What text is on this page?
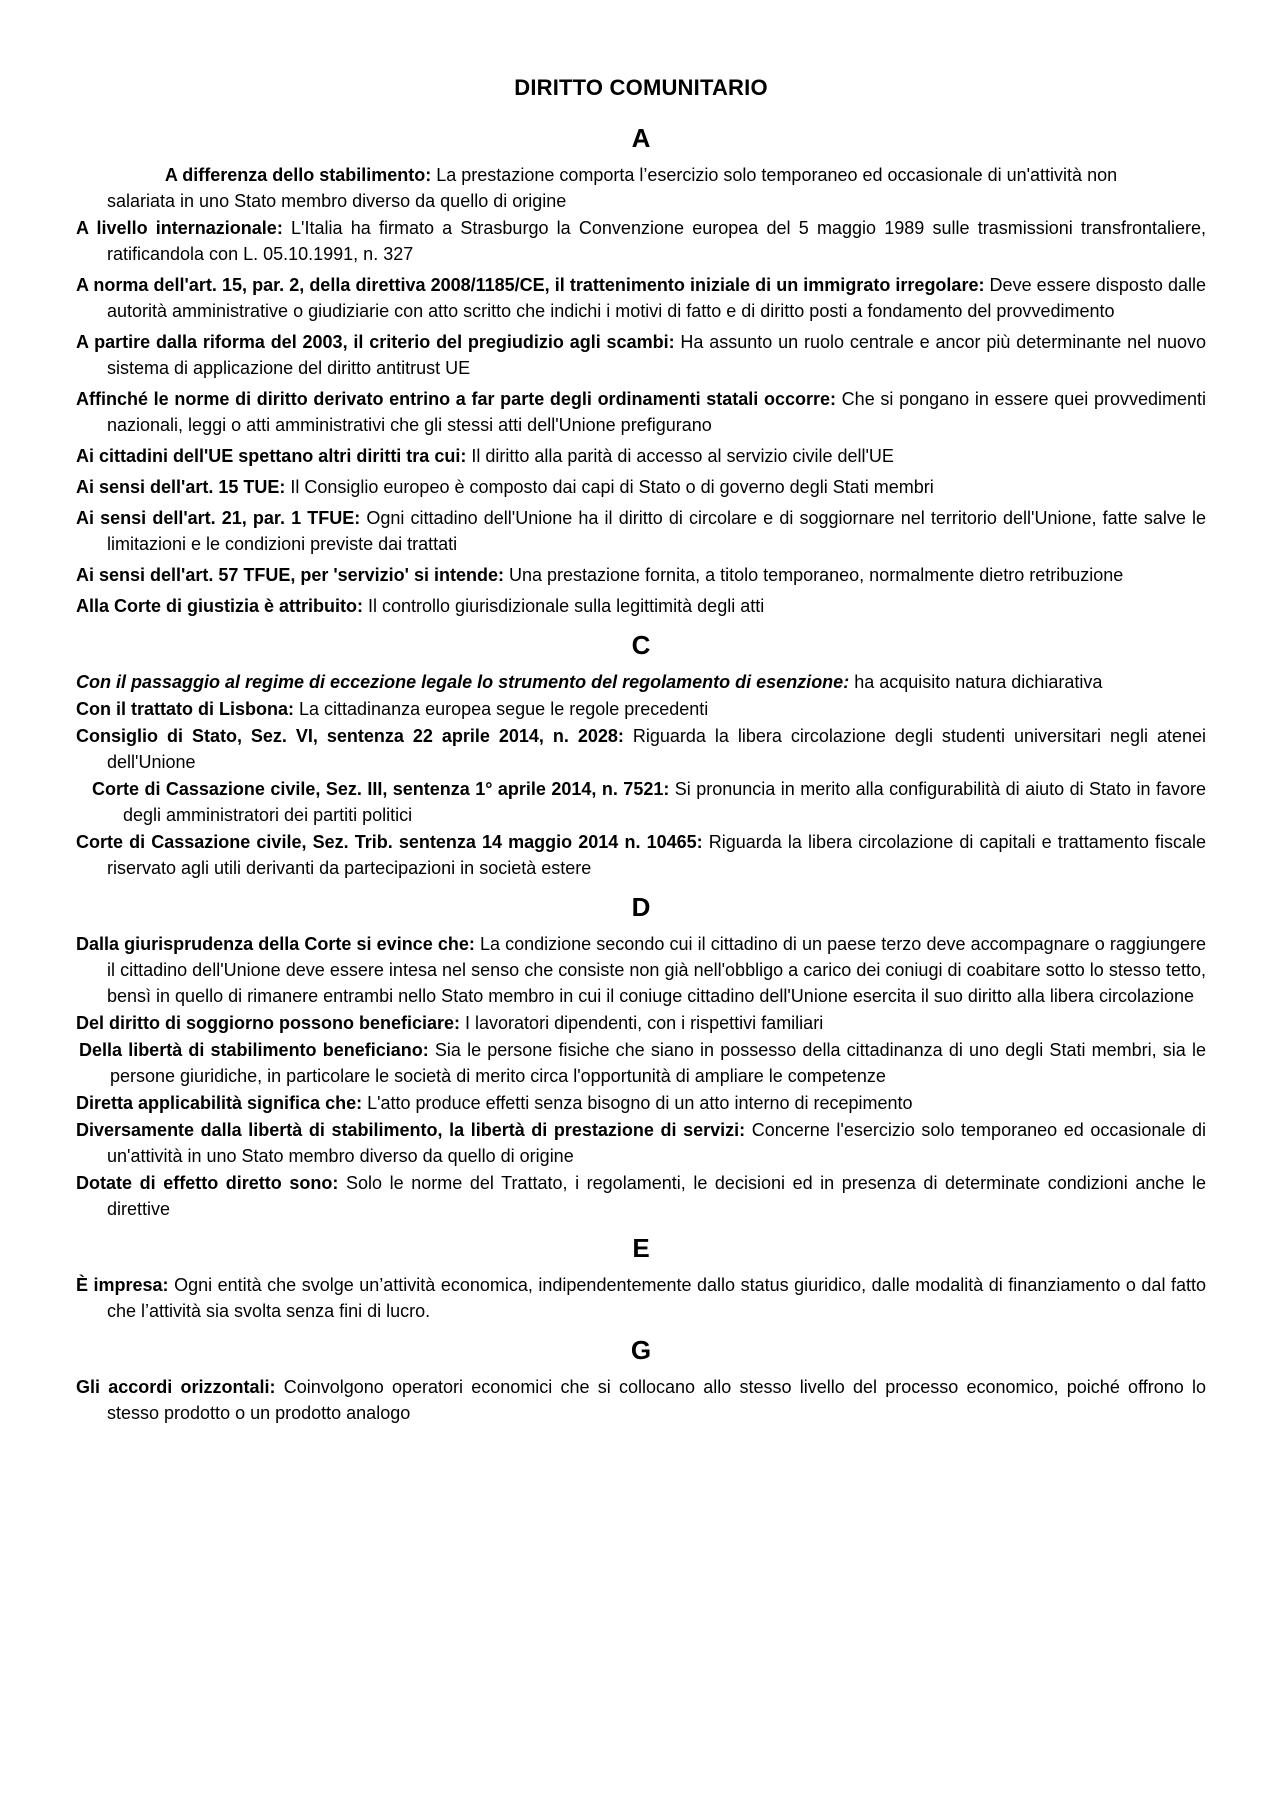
DIRITTO COMUNITARIO
A

A differenza dello stabilimento: La prestazione comporta l’esercizio solo temporaneo ed occasionale di un'attività non

salariata in uno Stato membro diverso da quello di origine

A livello internazionale: L'Italia ha firmato a Strasburgo la Convenzione europea del 5 maggio 1989 sulle trasmissioni transfrontaliere, ratificandola con L. 05.10.1991, n. 327

A norma dell'art. 15, par. 2, della direttiva 2008/1185/CE, il trattenimento iniziale di un immigrato irregolare: Deve essere disposto dalle autorità amministrative o giudiziarie con atto scritto che indichi i motivi di fatto e di diritto posti a fondamento del provvedimento

A partire dalla riforma del 2003, il criterio del pregiudizio agli scambi: Ha assunto un ruolo centrale e ancor più determinante nel nuovo sistema di applicazione del diritto antitrust UE

Affinché le norme di diritto derivato entrino a far parte degli ordinamenti statali occorre: Che si pongano in essere quei provvedimenti nazionali, leggi o atti amministrativi che gli stessi atti dell'Unione prefigurano

Ai cittadini dell'UE spettano altri diritti tra cui: Il diritto alla parità di accesso al servizio civile dell'UE

Ai sensi dell'art. 15 TUE: Il Consiglio europeo è composto dai capi di Stato o di governo degli Stati membri

Ai sensi dell'art. 21, par. 1 TFUE: Ogni cittadino dell'Unione ha il diritto di circolare e di soggiornare nel territorio dell'Unione, fatte salve le limitazioni e le condizioni previste dai trattati

Ai sensi dell'art. 57 TFUE, per 'servizio' si intende: Una prestazione fornita, a titolo temporaneo, normalmente dietro retribuzione

Alla Corte di giustizia è attribuito: Il controllo giurisdizionale sulla legittimità degli atti

C

Con il passaggio al regime di eccezione legale lo strumento del regolamento di esenzione: ha acquisito natura dichiarativa

Con il trattato di Lisbona: La cittadinanza europea segue le regole precedenti

Consiglio di Stato, Sez. VI, sentenza 22 aprile 2014, n. 2028: Riguarda la libera circolazione degli studenti universitari negli atenei dell'Unione

Corte di Cassazione civile, Sez. III, sentenza 1° aprile 2014, n. 7521: Si pronuncia in merito alla configurabilità di aiuto di Stato in favore degli amministratori dei partiti politici

Corte di Cassazione civile, Sez. Trib. sentenza 14 maggio 2014 n. 10465: Riguarda la libera circolazione di capitali e trattamento fiscale riservato agli utili derivanti da partecipazioni in società estere

D

Dalla giurisprudenza della Corte si evince che: La condizione secondo cui il cittadino di un paese terzo deve accompagnare o raggiungere il cittadino dell'Unione deve essere intesa nel senso che consiste non già nell'obbligo a carico dei coniugi di coabitare sotto lo stesso tetto, bensì in quello di rimanere entrambi nello Stato membro in cui il coniuge cittadino dell'Unione esercita il suo diritto alla libera circolazione

Del diritto di soggiorno possono beneficiare: I lavoratori dipendenti, con i rispettivi familiari

Della libertà di stabilimento beneficiano: Sia le persone fisiche che siano in possesso della cittadinanza di uno degli Stati membri, sia le persone giuridiche, in particolare le società di merito circa l'opportunità di ampliare le competenze

Diretta applicabilità significa che: L'atto produce effetti senza bisogno di un atto interno di recepimento

Diversamente dalla libertà di stabilimento, la libertà di prestazione di servizi: Concerne l'esercizio solo temporaneo ed occasionale di un'attività in uno Stato membro diverso da quello di origine

Dotate di effetto diretto sono: Solo le norme del Trattato, i regolamenti, le decisioni ed in presenza di determinate condizioni anche le direttive

E

È impresa: Ogni entità che svolge un’attività economica, indipendentemente dallo status giuridico, dalle modalità di finanziamento o dal fatto che l’attività sia svolta senza fini di lucro.

G

Gli accordi orizzontali: Coinvolgono operatori economici che si collocano allo stesso livello del processo economico, poiché offrono lo stesso prodotto o un prodotto analogo
